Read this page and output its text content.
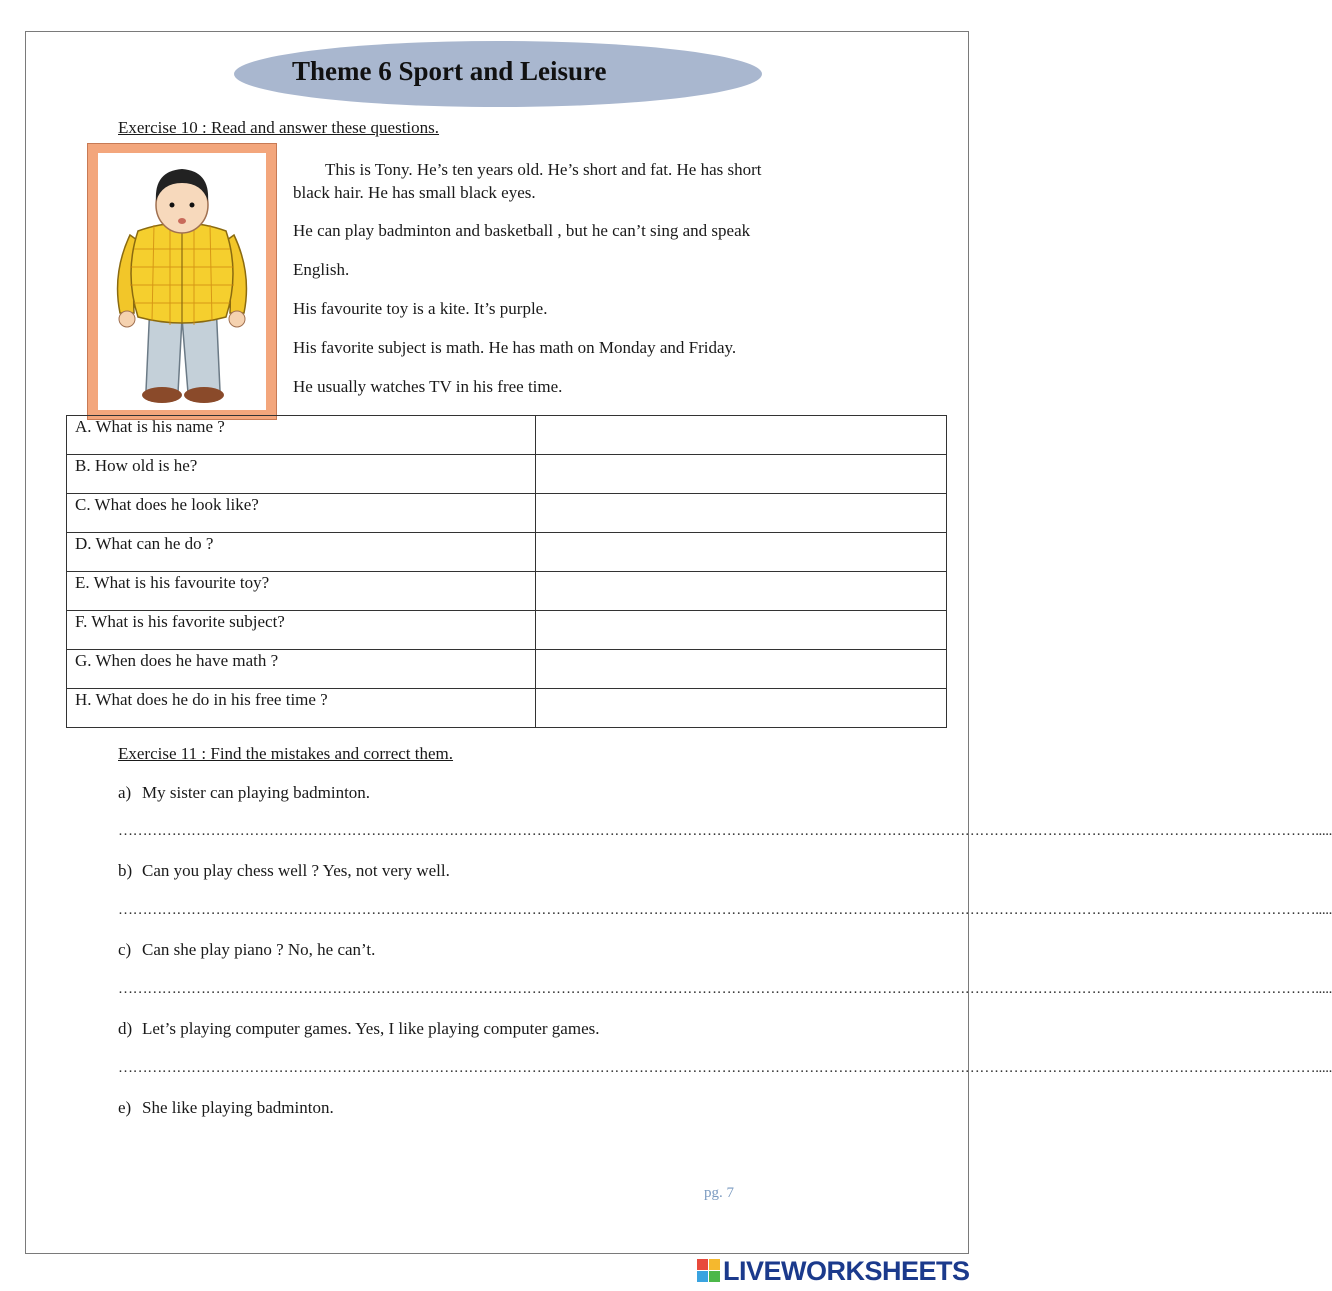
Theme 6 Sport and Leisure
Exercise 10 : Read and answer these questions.
This is Tony. He’s ten years old. He’s short and fat. He has short
black hair. He has small black eyes.
He can play badminton and basketball , but he can’t sing and speak
English.
His favourite toy is a kite. It’s purple.
His favorite subject is math. He has math on Monday and Friday.
He usually watches TV in his free time.
A. What is his name ?	
B. How old is he?	
C. What does he look like?	
D. What can he do ?	
E. What is his favourite toy?	
F. What is his favorite subject?	
G. When does he have math ?	
H. What does he do in his free time ?	
Exercise 11 : Find the mistakes and correct them.
a) My sister can playing badminton.
………………………………………………………………………………………………………………………………………………………………………………………………………………………….....
b) Can you play chess well ? Yes, not very well.
………………………………………………………………………………………………………………………………………………………………………………………………………………………….....
c) Can she play piano ? No, he can’t.
………………………………………………………………………………………………………………………………………………………………………………………………………………………….....
d) Let’s playing computer games. Yes, I like playing computer games.
………………………………………………………………………………………………………………………………………………………………………………………………………………………….....
e) She like playing badminton.
pg. 7
LIVEWORKSHEETS
